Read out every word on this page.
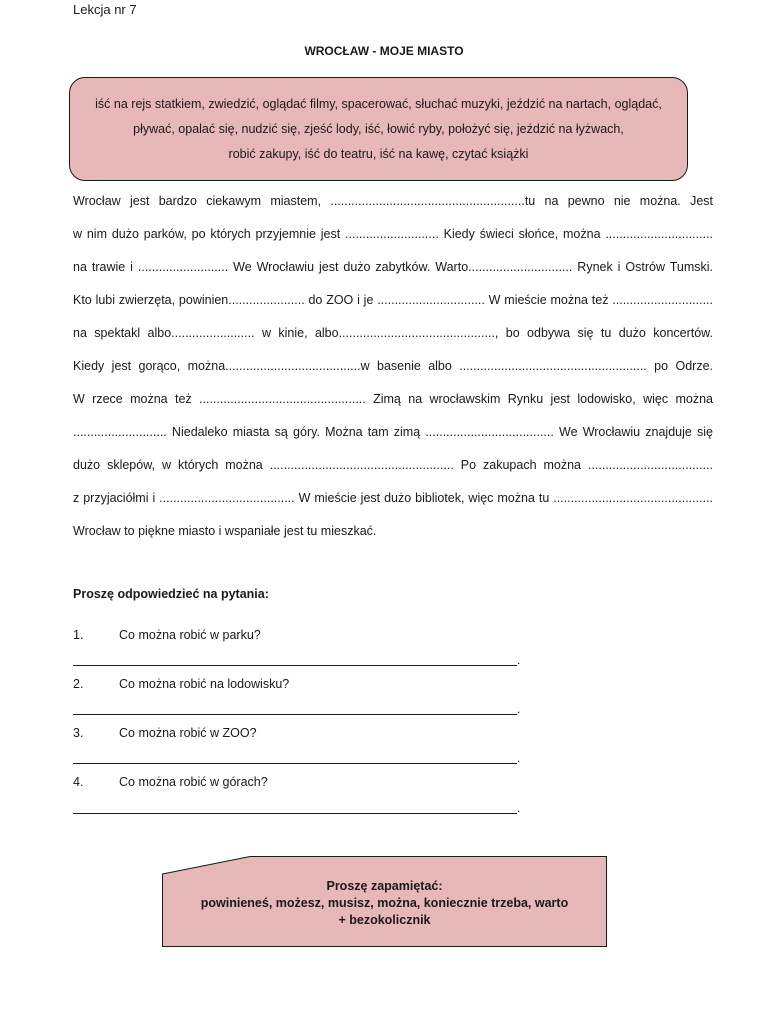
Lekcja nr 7
WROCŁAW - MOJE MIASTO
iść na rejs statkiem, zwiedzić, oglądać filmy, spacerować, słuchać muzyki, jeździć na nartach, oglądać,
pływać, opalać się, nudzić się, zjeść lody, iść, łowić ryby, położyć się, jeździć na łyżwach,
robić zakupy, iść do teatru, iść na kawę, czytać książki
Wrocław jest bardzo ciekawym miastem, ........................................................tu na pewno nie można. Jest
w nim dużo parków, po których przyjemnie jest ........................... Kiedy świeci słońce, można ...............................
na trawie i .......................... We Wrocławiu jest dużo zabytków. Warto.............................. Rynek i Ostrów Tumski.
Kto lubi zwierzęta, powinien...................... do ZOO i je ............................... W mieście można też .............................
na spektakl albo........................ w kinie, albo............................................., bo odbywa się tu dużo koncertów.
Kiedy jest gorąco, można.......................................w basenie albo ...................................................... po Odrze.
W rzece można też ................................................ Zimą na wrocławskim Rynku jest lodowisko, więc można
........................... Niedaleko miasta są góry. Można tam zimą ..................................... We Wrocławiu znajduje się
dużo sklepów, w których można ..................................................... Po zakupach można ....................................
z przyjaciółmi i ....................................... W mieście jest dużo bibliotek, więc można tu ..............................................
Wrocław to piękne miasto i wspaniałe jest tu mieszkać.
Proszę odpowiedzieć na pytania:
1.	Co można robić w parku?
.
2.	Co można robić na lodowisku?
.
3.	Co można robić w ZOO?
.
4.	Co można robić w górach?
.
Proszę zapamiętać:
powinieneś, możesz, musisz, można, koniecznie trzeba, warto
+ bezokolicznik
